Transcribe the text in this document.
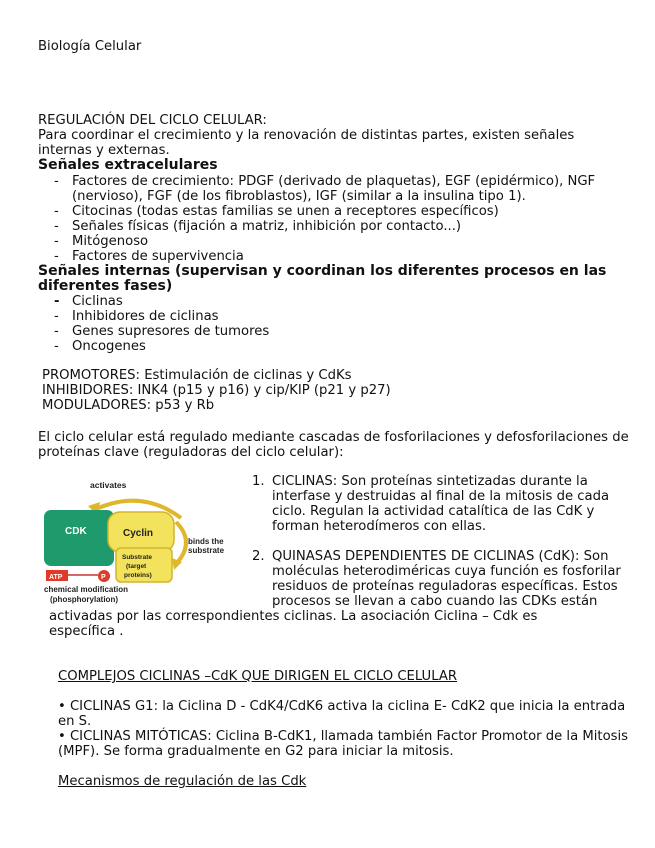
Biología Celular
REGULACIÓN DEL CICLO CELULAR:
Para coordinar el crecimiento y la renovación de distintas partes, existen señales
internas y externas.
Señales extracelulares
- Factores de crecimiento: PDGF (derivado de plaquetas), EGF (epidérmico), NGF
(nervioso), FGF (de los fibroblastos), IGF (similar a la insulina tipo 1).
- Citocinas (todas estas familias se unen a receptores específicos)
- Señales físicas (fijación a matriz, inhibición por contacto...)
- Mitógenoso
- Factores de supervivencia
Señales internas (supervisan y coordinan los diferentes procesos en las
diferentes fases)
- Ciclinas
- Inhibidores de ciclinas
- Genes supresores de tumores
- Oncogenes
PROMOTORES: Estimulación de ciclinas y CdKs
INHIBIDORES: INK4 (p15 y p16) y cip/KIP (p21 y p27)
MODULADORES: p53 y Rb
El ciclo celular está regulado mediante cascadas de fosforilaciones y defosforilaciones de
proteínas clave (reguladoras del ciclo celular):
activates
CDK	Cyclin
Substrate
(target
proteins)
binds the
substrate
ATP	P
chemical modification
(phosphorylation)
1. CICLINAS: Son proteínas sintetizadas durante la
interfase y destruidas al final de la mitosis de cada
ciclo. Regulan la actividad catalítica de las CdK y
forman heterodímeros con ellas.
2. QUINASAS DEPENDIENTES DE CICLINAS (CdK): Son
moléculas heterodiméricas cuya función es fosforilar
residuos de proteínas reguladoras específicas. Estos
procesos se llevan a cabo cuando las CDKs están
activadas por las correspondientes ciclinas. La asociación Ciclina – Cdk es
específica .
COMPLEJOS CICLINAS –CdK QUE DIRIGEN EL CICLO CELULAR
• CICLINAS G1: la Ciclina D - CdK4/CdK6 activa la ciclina E- CdK2 que inicia la entrada
en S.
• CICLINAS MITÓTICAS: Ciclina B-CdK1, llamada también Factor Promotor de la Mitosis
(MPF). Se forma gradualmente en G2 para iniciar la mitosis.
Mecanismos de regulación de las Cdk
